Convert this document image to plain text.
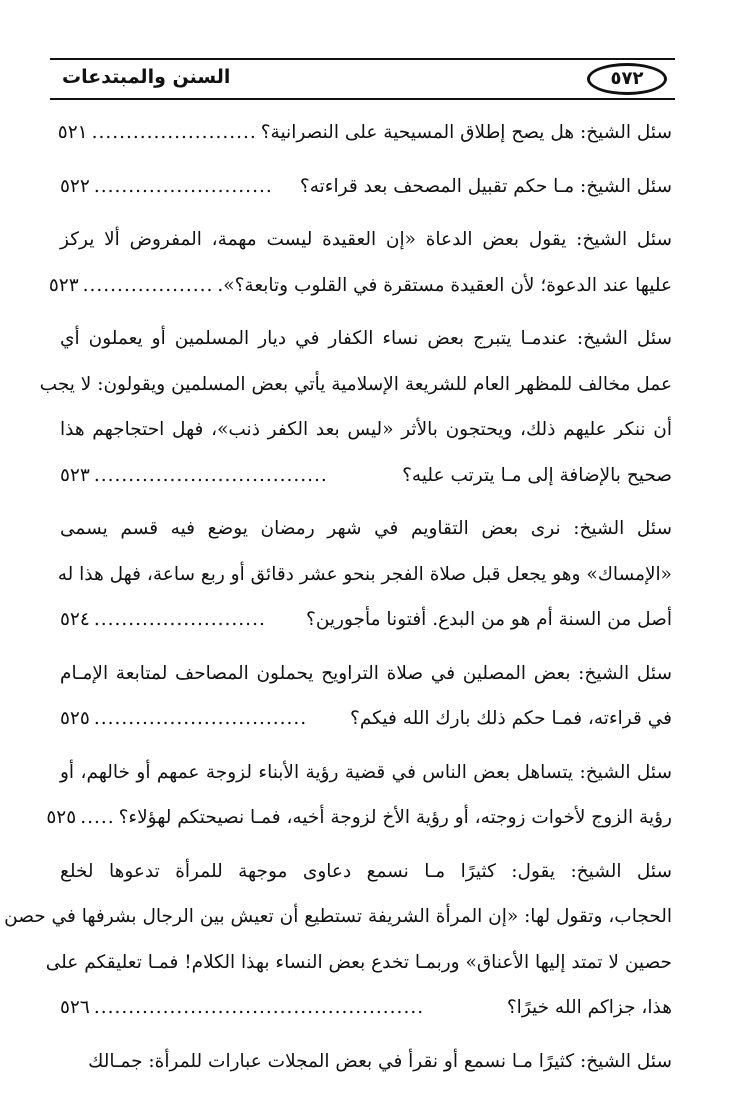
السنن والمبتدعات	٥٧٢
سئل الشيخ: هل يصح إطلاق المسيحية على النصرانية؟
........................
٥٢١
سئل الشيخ: مـا حكم تقبيل المصحف بعد قراءته؟
..........................
٥٢٢
سئل الشيخ: يقول بعض الدعاة «إن العقيدة ليست مهمة، المفروض ألا يركز
عليها عند الدعوة؛ لأن العقيدة مستقرة في القلوب وتابعة؟».
...................
٥٢٣
سئل الشيخ: عندمـا يتبرج بعض نساء الكفار في ديار المسلمين أو يعملون أي
عمل مخالف للمظهر العام للشريعة الإسلامية يأتي بعض المسلمين ويقولون: لا يجب
أن ننكر عليهم ذلك، ويحتجون بالأثر «ليس بعد الكفر ذنب»، فهل احتجاجهم هذا
صحيح بالإضافة إلى مـا يترتب عليه؟
..................................
٥٢٣
سئل الشيخ: نرى بعض التقاويم في شهر رمضان يوضع فيه قسم يسمى
«الإمساك» وهو يجعل قبل صلاة الفجر بنحو عشر دقائق أو ربع ساعة، فهل هذا له
أصل من السنة أم هو من البدع. أفتونا مأجورين؟
.........................
٥٢٤
سئل الشيخ: بعض المصلين في صلاة التراويح يحملون المصاحف لمتابعة الإمـام
في قراءته، فمـا حكم ذلك بارك الله فيكم؟
...............................
٥٢٥
سئل الشيخ: يتساهل بعض الناس في قضية رؤية الأبناء لزوجة عمهم أو خالهم، أو
رؤية الزوج لأخوات زوجته، أو رؤية الأخ لزوجة أخيه، فمـا نصيحتكم لهؤلاء؟
.....
٥٢٥
سئل الشيخ: يقول: كثيرًا مـا نسمع دعاوى موجهة للمرأة تدعوها لخلع
الحجاب، وتقول لها: «إن المرأة الشريفة تستطيع أن تعيش بين الرجال بشرفها في حصن
حصين لا تمتد إليها الأعناق» وربمـا تخدع بعض النساء بهذا الكلام! فمـا تعليقكم على
هذا، جزاكم الله خيرًا؟
................................................
٥٢٦
سئل الشيخ: كثيرًا مـا نسمع أو نقرأ في بعض المجلات عبارات للمرأة: جمـالك
